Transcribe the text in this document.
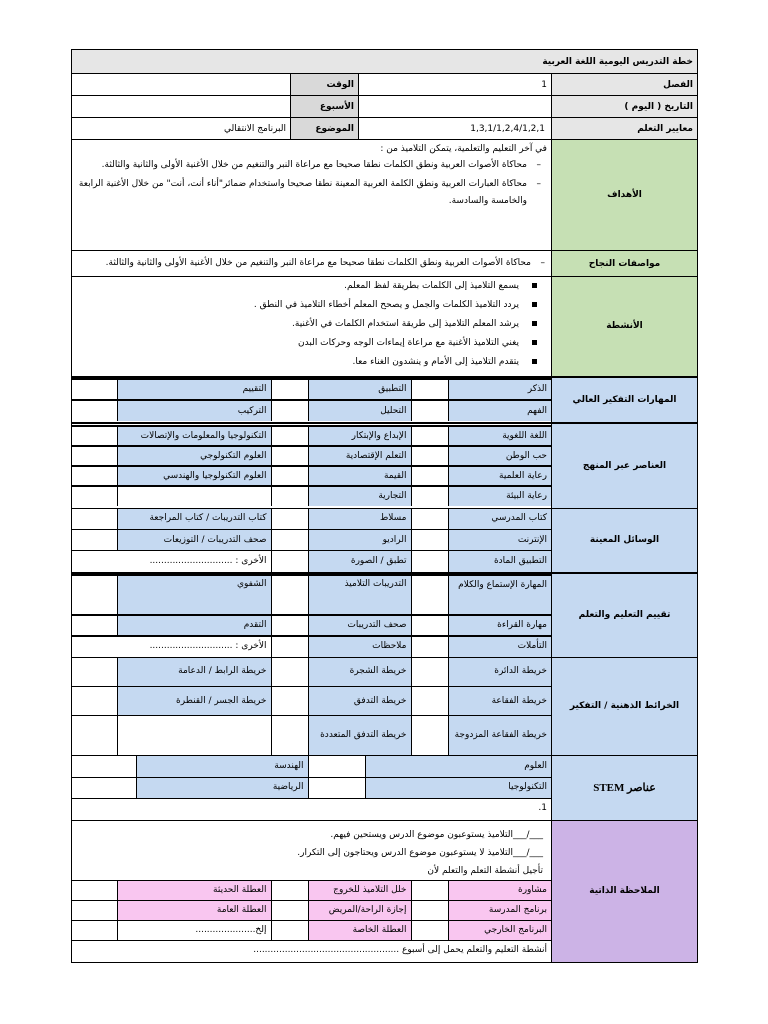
خطة التدريس اليومية اللغة العربية
الفصل	1	الوقت	
التاريخ ( اليوم )		الأسبوع	
معايير التعلم	1,3,1/1,2,4/1,2,1	الموضوع	البرنامج الانتقالي
الأهداف	
في آخر التعليم والتعلمية، يتمكن التلاميذ من :
– محاكاة الأصوات العربية ونطق الكلمات نطقا صحيحا مع مراعاة النبر والتنغيم من خلال الأغنية الأولى والثانية والثالثة.
– محاكاة العبارات العربية ونطق الكلمة العربية المعينة نطقا صحيحا واستخدام ضمائر"أناء أنت، أنت" من خلال الأغنية الرابعة والخامسة والسادسة.

مواصفات النجاح	
– محاكاة الأصوات العربية ونطق الكلمات نطقا صحيحا مع مراعاة النبر والتنغيم من خلال الأغنية الأولى والثانية والثالثة.

الأنشطة	
يسمع التلاميذ إلى الكلمات بطريقة لفظ المعلم.
يردد التلاميذ الكلمات والجمل و يصحح المعلم أخطاء التلاميذ في النطق .
يرشد المعلم التلاميذ إلى طريقة استخدام الكلمات في الأغنية.
يغني التلاميذ الأغنية مع مراعاة إيماءات الوجه وحركات البدن
يتقدم التلاميذ إلى الأمام و ينشدون الغناء معا.

المهارات التفكير العالي	
الذكر		التطبيق		التقييم	
الفهم		التحليل		التركيب	

العناصر عبر المنهج	
اللغة اللغوية		الإبداع والإبتكار		التكنولوجيا والمعلومات والإتصالات	
حب الوطن		التعلم الإقتصادية		العلوم التكنولوجي	
رعاية العلمية		القيمة		العلوم التكنولوجيا والهندسي	
رعاية البيئة		التجارية			

الوسائل المعينة	
كتاب المدرسي		مسلاط		كتاب التدريبات / كتاب المراجعة	
الإنترنت		الراديو		صحف التدريبات / التوزيعات	
التطبيق المادة		تطبق / الصورة		الأخرى : .............................

تقييم التعليم والتعلم	
المهارة الإستماع والكلام		التدريبات التلاميذ		الشفوي	
مهارة القراءة		صحف التدريبات		التقدم	
التأملات		ملاحظات		الأخرى : .............................

الخرائط الذهنية / التفكير	
خريطة الدائرة		خريطة الشجرة		خريطة الرابط / الدعامة	
خريطة الفقاعة		خريطة التدفق		خريطة الجسر / القنطرة	
خريطة الفقاعة المزدوجة		خريطة التدفق المتعددة			

عناصر STEM	
العلوم		الهندسة	
التكنولوجيا		الرياضية	
1.

الملاحظة الذاتية	
___/___التلاميذ يستوعبون موضوع الدرس ويستحين فيهم.
___/___التلاميذ لا يستوعبون موضوع الدرس ويحتاجون إلى التكرار.
تأجيل أنشطة التعلم والتعلم لأن
مشاورة		خلل التلاميذ للخروج		العطلة الحديثة	
برنامج المدرسة		إجازة الراحة/المريض		العطلة العامة	
البرنامج الخارجي		العطلة الخاصة		إلخ.....................	
أنشطة التعليم والتعلم يحمل إلى أسبوع ...................................................
